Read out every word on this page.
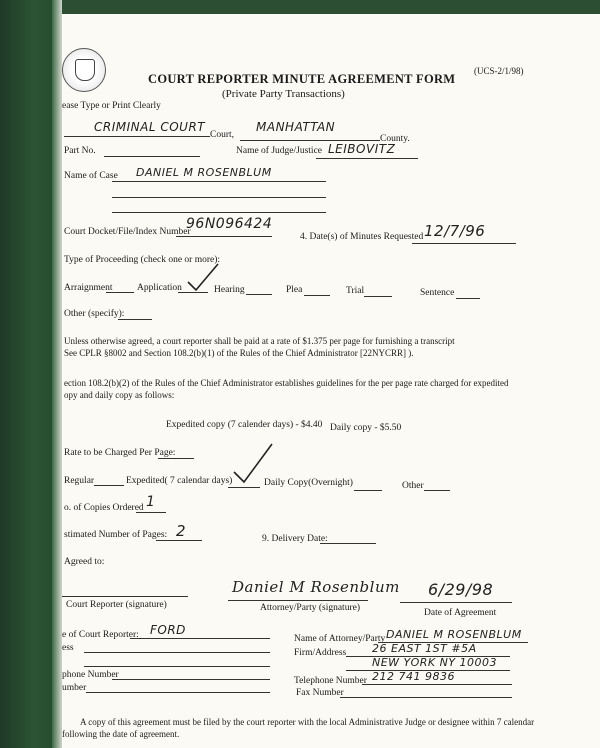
(UCS-2/1/98)
COURT REPORTER MINUTE AGREEMENT FORM
(Private Party Transactions)
ease Type or Print Clearly
CRIMINAL COURT
Court,
MANHATTAN
County.
Part No.	Name of Judge/Justice LEIBOVITZ
Name of Case DANIEL M ROSENBLUM
Court Docket/File/Index Number
96N096424
4. Date(s) of Minutes Requested 12/7/96
Type of Proceeding (check one or more):
Arraignment	Application	Hearing	Plea	Trial	Sentence
Other (specify):
Unless otherwise agreed, a court reporter shall be paid at a rate of $1.375 per page for furnishing a transcript
See CPLR §8002 and Section 108.2(b)(1) of the Rules of the Chief Administrator [22NYCRR] ).
ection 108.2(b)(2) of the Rules of the Chief Administrator establishes guidelines for the per page rate charged for expedited
opy and daily copy as follows:
Expedited copy (7 calender days) - $4.40 Daily copy - $5.50
Rate to be Charged Per Page:
Regular	Expedited( 7 calendar days)	Daily Copy(Overnight)	Other
o. of Copies Ordered 1
stimated Number of Pages: 2	9. Delivery Date:
Agreed to:
Court Reporter (signature)
Daniel M Rosenblum
Attorney/Party (signature)
6/29/98
Date of Agreement
e of Court Reporter: FORD
ess
phone Number
umber
Name of Attorney/Party DANIEL M ROSENBLUM
Firm/Address 26 EAST 1ST #5A
NEW YORK NY 10003
Telephone Number 212 741 9836
Fax Number
A copy of this agreement must be filed by the court reporter with the local Administrative Judge or designee within 7 calendar
following the date of agreement.
